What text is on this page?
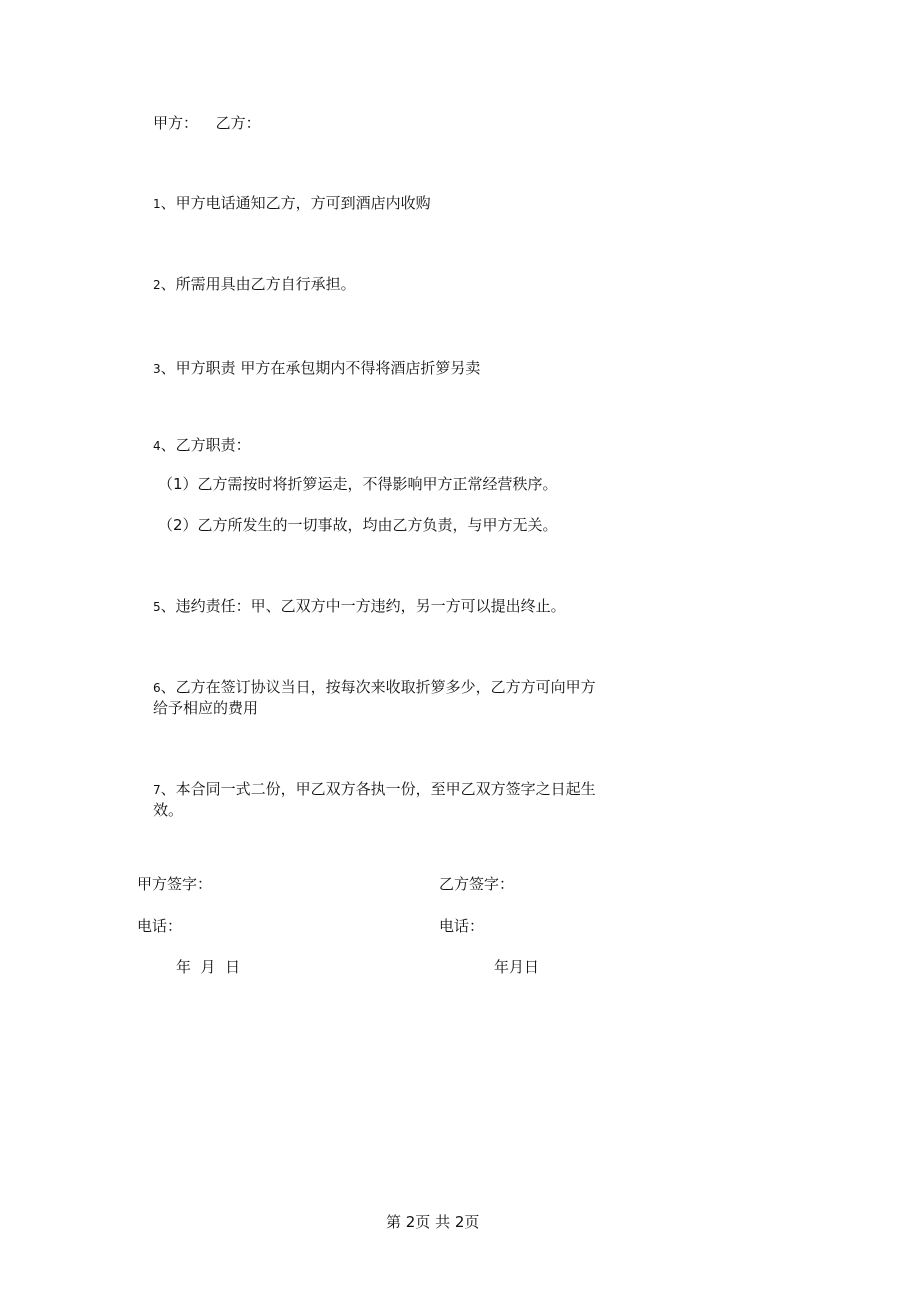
甲方： 乙方：
1、甲方电话通知乙方，方可到酒店内收购
2、所需用具由乙方自行承担。
3、甲方职责 甲方在承包期内不得将酒店折箩另卖
4、乙方职责：
（1）乙方需按时将折箩运走，不得影响甲方正常经营秩序。
（2）乙方所发生的一切事故，均由乙方负责，与甲方无关。
5、违约责任：甲、乙双方中一方违约，另一方可以提出终止。
6、乙方在签订协议当日，按每次来收取折箩多少，乙方方可向甲方
给予相应的费用
7、本合同一式二份，甲乙双方各执一份，至甲乙双方签字之日起生
效。
甲方签字：	乙方签字：
电话：	电话：
年  月  日	年月日
第 2页 共 2页
